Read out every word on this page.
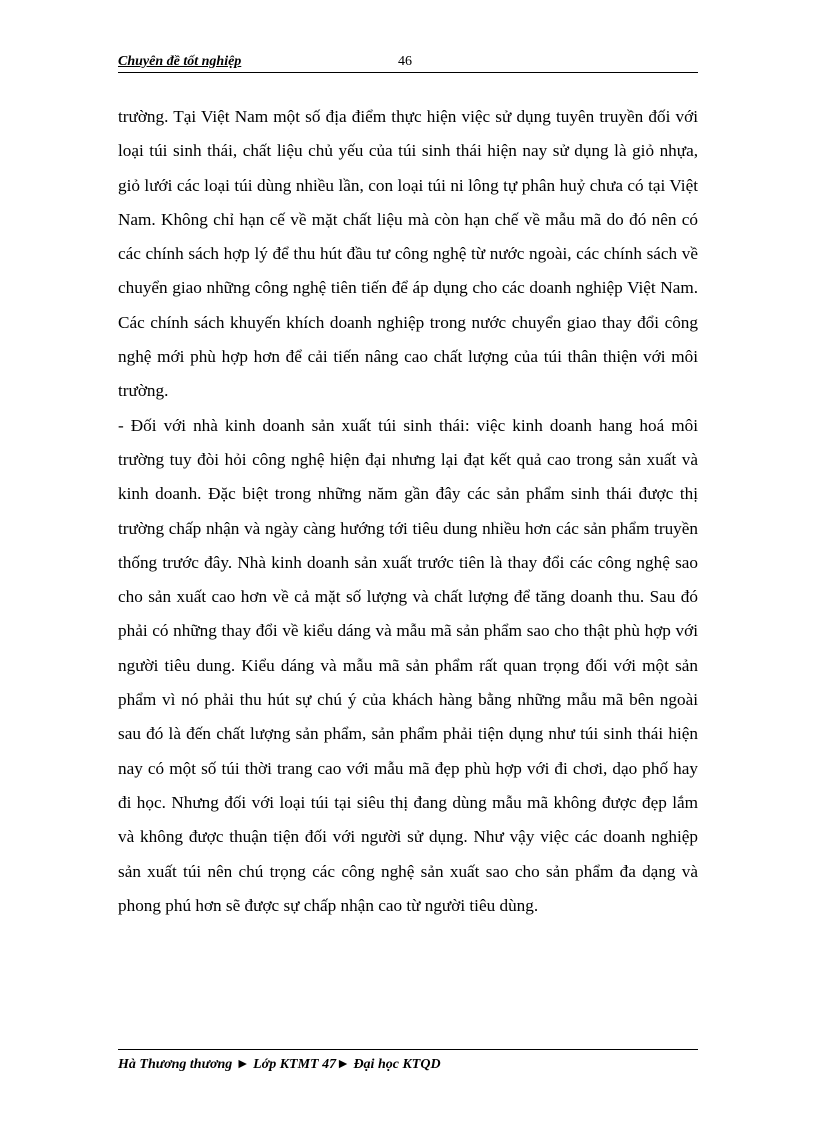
Chuyên đề tốt nghiệp	46

trường. Tại Việt Nam một số địa điểm thực hiện việc sử dụng tuyên truyền đối với loại túi sinh thái, chất liệu chủ yếu của túi sinh thái hiện nay sử dụng là giỏ nhựa, giỏ lưới các loại túi dùng nhiều lần, con loại túi ni lông tự phân huỷ chưa có tại Việt Nam. Không chỉ hạn cế về mặt chất liệu mà còn hạn chế về mẫu mã do đó nên có các chính sách hợp lý để thu hút đầu tư công nghệ từ nước ngoài, các chính sách về chuyển giao những công nghệ tiên tiến để áp dụng cho các doanh nghiệp Việt Nam. Các chính sách khuyến khích doanh nghiệp trong nước chuyển giao thay đổi công nghệ mới phù hợp hơn để cải tiến nâng cao chất lượng của túi thân thiện với môi trường.

- Đối với nhà kinh doanh sản xuất túi sinh thái: việc kinh doanh hang hoá môi trường tuy đòi hỏi công nghệ hiện đại nhưng lại đạt kết quả cao trong sản xuất và kinh doanh. Đặc biệt trong những năm gần đây các sản phẩm sinh thái được thị trường chấp nhận và ngày càng hướng tới tiêu dung nhiều hơn các sản phẩm truyền thống trước đây. Nhà kinh doanh sản xuất trước tiên là thay đổi các công nghệ sao cho sản xuất cao hơn về cả mặt số lượng và chất lượng để tăng doanh thu. Sau đó phải có những thay đổi về kiểu dáng và mẫu mã sản phẩm sao cho thật phù hợp với người tiêu dung. Kiểu dáng và mẫu mã sản phẩm rất quan trọng đối với một sản phẩm vì nó phải thu hút sự chú ý của khách hàng bằng những mẫu mã bên ngoài sau đó là đến chất lượng sản phẩm, sản phẩm phải tiện dụng như túi sinh thái hiện nay có một số túi thời trang cao với mẫu mã đẹp phù hợp với đi chơi, dạo phố hay đi học. Nhưng đối với loại túi tại siêu thị đang dùng mẫu mã không được đẹp lắm và không được thuận tiện đối với người sử dụng. Như vậy việc các doanh nghiệp sản xuất túi nên chú trọng các công nghệ sản xuất sao cho sản phẩm đa dạng và phong phú hơn sẽ được sự chấp nhận cao từ người tiêu dùng.

Hà Thương thương ► Lớp KTMT 47► Đại học KTQD
